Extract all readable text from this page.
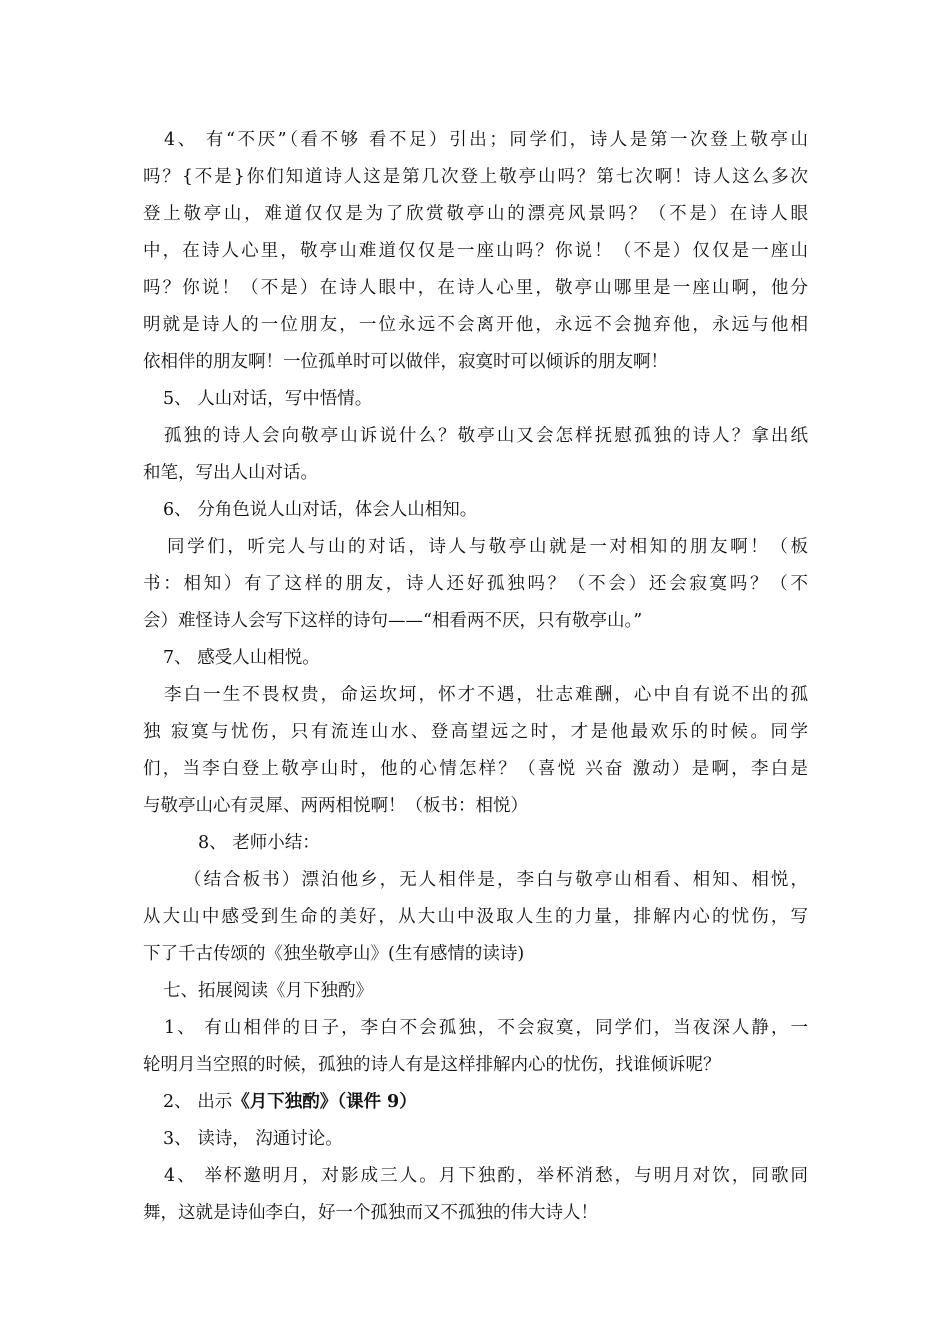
4、 有“不厌”（看不够 看不足）引出；同学们，诗人是第一次登上敬亭山
吗？{不是}你们知道诗人这是第几次登上敬亭山吗？第七次啊！诗人这么多次
登上敬亭山，难道仅仅是为了欣赏敬亭山的漂亮风景吗？（不是）在诗人眼
中，在诗人心里，敬亭山难道仅仅是一座山吗？你说！（不是）仅仅是一座山
吗？你说！（不是）在诗人眼中，在诗人心里，敬亭山哪里是一座山啊，他分
明就是诗人的一位朋友，一位永远不会离开他，永远不会抛弃他，永远与他相
依相伴的朋友啊！一位孤单时可以做伴，寂寞时可以倾诉的朋友啊！
5、 人山对话，写中悟情。
孤独的诗人会向敬亭山诉说什么？敬亭山又会怎样抚慰孤独的诗人？拿出纸
和笔，写出人山对话。
6、 分角色说人山对话，体会人山相知。
同学们，听完人与山的对话，诗人与敬亭山就是一对相知的朋友啊！（板
书：相知）有了这样的朋友，诗人还好孤独吗？（不会）还会寂寞吗？（不
会）难怪诗人会写下这样的诗句——“相看两不厌，只有敬亭山。”
7、 感受人山相悦。
李白一生不畏权贵，命运坎坷，怀才不遇，壮志难酬，心中自有说不出的孤
独 寂寞与忧伤，只有流连山水、登高望远之时，才是他最欢乐的时候。同学
们，当李白登上敬亭山时，他的心情怎样？（喜悦 兴奋 激动）是啊，李白是
与敬亭山心有灵犀、两两相悦啊！（板书：相悦）
8、 老师小结：
（结合板书）漂泊他乡，无人相伴是，李白与敬亭山相看、相知、相悦，
从大山中感受到生命的美好，从大山中汲取人生的力量，排解内心的忧伤，写
下了千古传颂的《独坐敬亭山》(生有感情的读诗)
七、拓展阅读《月下独酌》
1、 有山相伴的日子，李白不会孤独，不会寂寞，同学们，当夜深人静，一
轮明月当空照的时候，孤独的诗人有是这样排解内心的忧伤，找谁倾诉呢？
2、 出示《月下独酌》（课件 9）
3、 读诗， 沟通讨论。
4、 举杯邀明月，对影成三人。月下独酌，举杯消愁，与明月对饮，同歌同
舞，这就是诗仙李白，好一个孤独而又不孤独的伟大诗人！
